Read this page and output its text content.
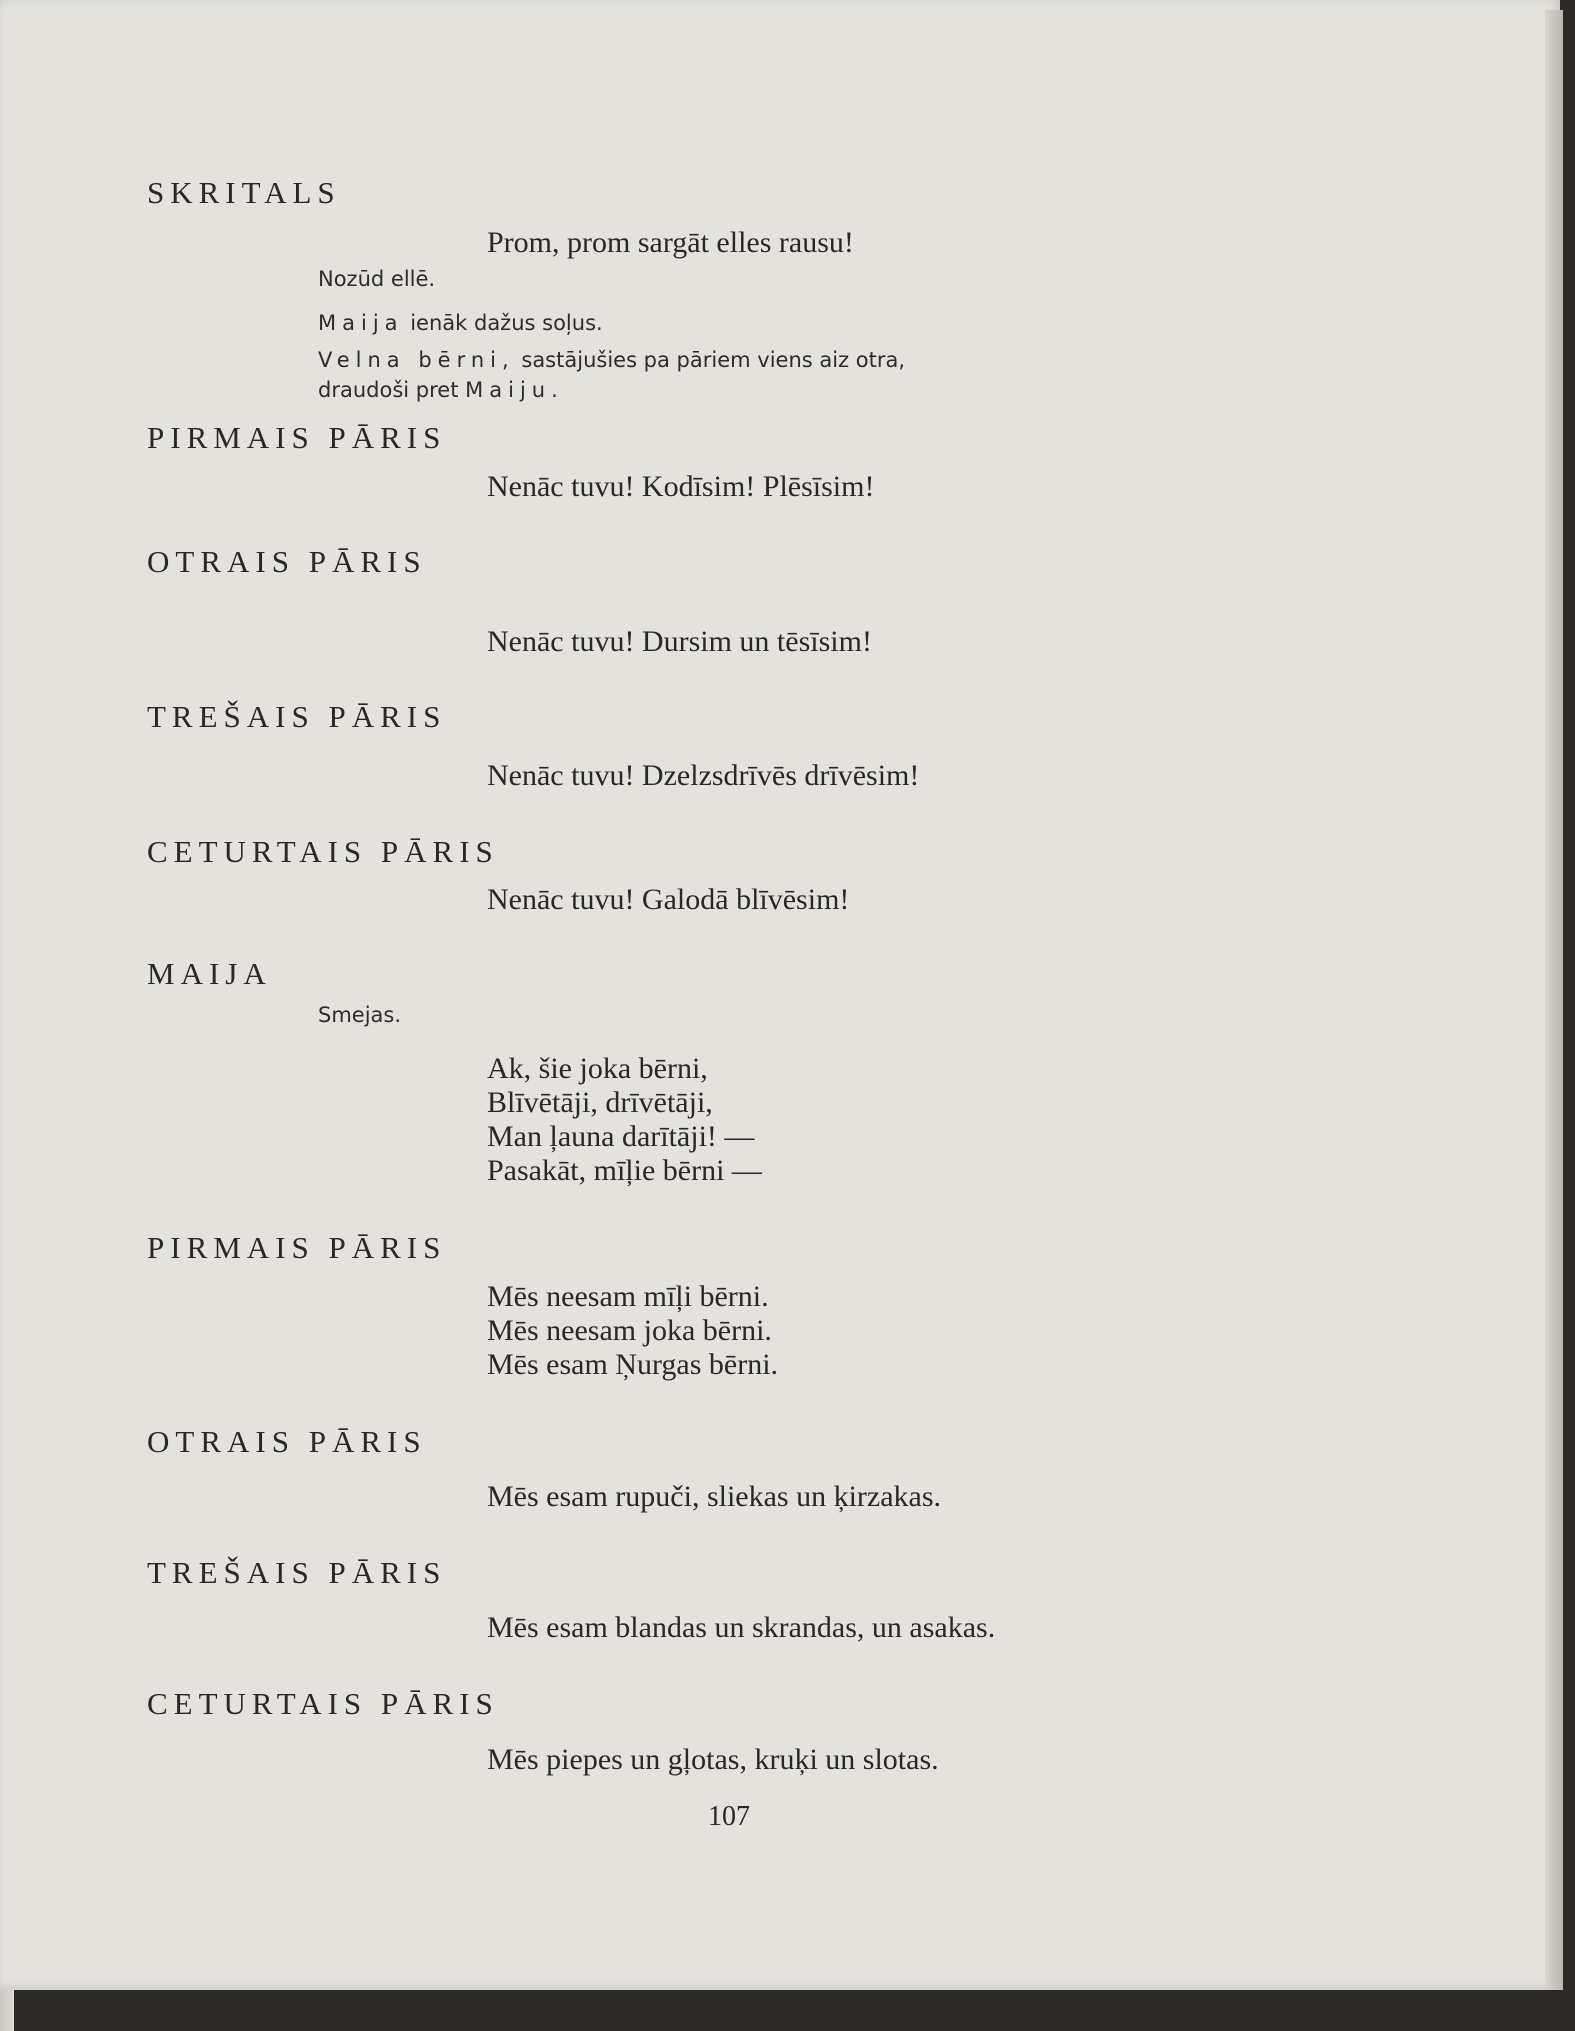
SKRITALS
Prom, prom sargāt elles rausu!
Nozūd ellē.
Maija ienāk dažus soļus.
Velna bērni, sastājušies pa pāriem viens aiz otra,
draudoši pret Maiju.
PIRMAIS PĀRIS
Nenāc tuvu! Kodīsim! Plēsīsim!
OTRAIS PĀRIS
Nenāc tuvu! Dursim un tēsīsim!
TREŠAIS PĀRIS
Nenāc tuvu! Dzelzsdrīvēs drīvēsim!
CETURTAIS PĀRIS
Nenāc tuvu! Galodā blīvēsim!
MAIJA
Smejas.
Ak, šie joka bērni,
Blīvētāji, drīvētāji,
Man ļauna darītāji! —
Pasakāt, mīļie bērni —
PIRMAIS PĀRIS
Mēs neesam mīļi bērni.
Mēs neesam joka bērni.
Mēs esam Ņurgas bērni.
OTRAIS PĀRIS
Mēs esam rupuči, sliekas un ķirzakas.
TREŠAIS PĀRIS
Mēs esam blandas un skrandas, un asakas.
CETURTAIS PĀRIS
Mēs piepes un gļotas, kruķi un slotas.
107
